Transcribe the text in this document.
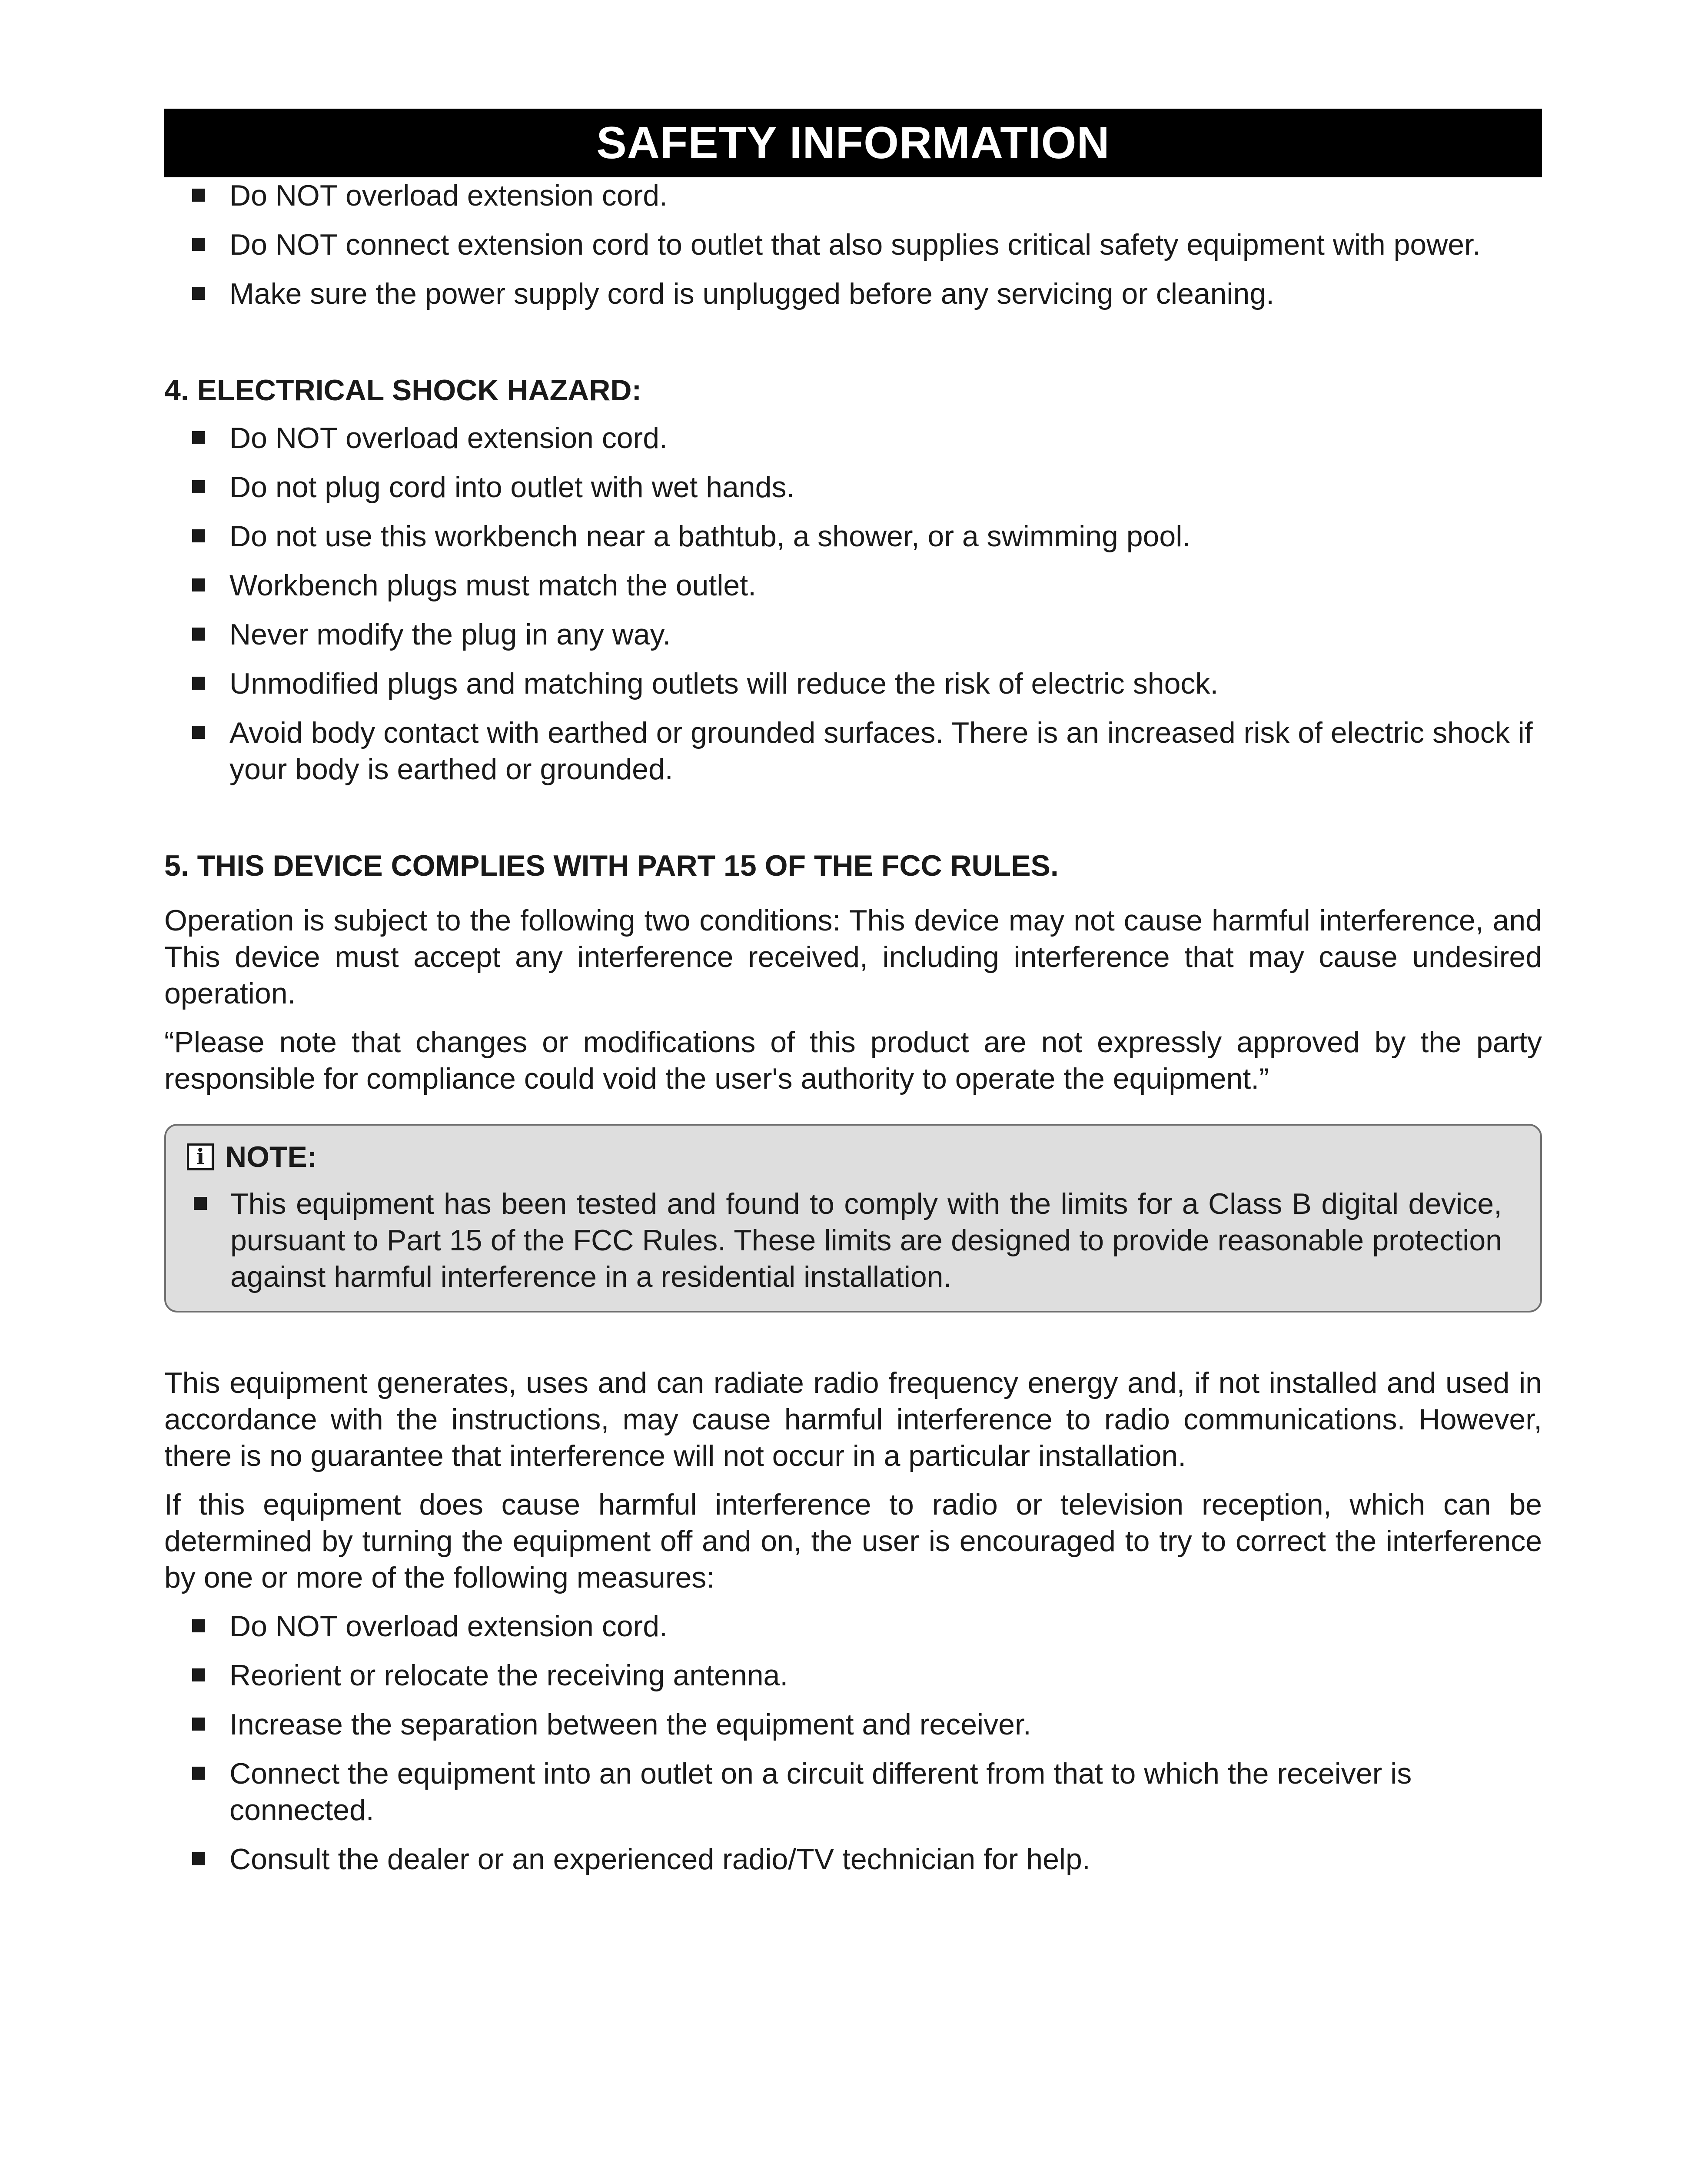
SAFETY INFORMATION
Do NOT overload extension cord.
Do NOT connect extension cord to outlet that also supplies critical safety equipment with power.
Make sure the power supply cord is unplugged before any servicing or cleaning.
4. ELECTRICAL SHOCK HAZARD:
Do NOT overload extension cord.
Do not plug cord into outlet with wet hands.
Do not use this workbench near a bathtub, a shower, or a swimming pool.
Workbench plugs must match the outlet.
Never modify the plug in any way.
Unmodified plugs and matching outlets will reduce the risk of electric shock.
Avoid body contact with earthed or grounded surfaces. There is an increased risk of electric shock if your body is earthed or grounded.
5. THIS DEVICE COMPLIES WITH PART 15 OF THE FCC RULES.

Operation is subject to the following two conditions: This device may not cause harmful interference, and This device must accept any interference received, including interference that may cause undesired operation.

“Please note that changes or modifications of this product are not expressly approved by the party responsible for compliance could void the user's authority to operate the equipment.”

i NOTE:
This equipment has been tested and found to comply with the limits for a Class B digital device, pursuant to Part 15 of the FCC Rules. These limits are designed to provide reasonable protection against harmful interference in a residential installation.

This equipment generates, uses and can radiate radio frequency energy and, if not installed and used in accordance with the instructions, may cause harmful interference to radio communications. However, there is no guarantee that interference will not occur in a particular installation.

If this equipment does cause harmful interference to radio or television reception, which can be determined by turning the equipment off and on, the user is encouraged to try to correct the interference by one or more of the following measures:

Do NOT overload extension cord.
Reorient or relocate the receiving antenna.
Increase the separation between the equipment and receiver.
Connect the equipment into an outlet on a circuit different from that to which the receiver is connected.
Consult the dealer or an experienced radio/TV technician for help.
